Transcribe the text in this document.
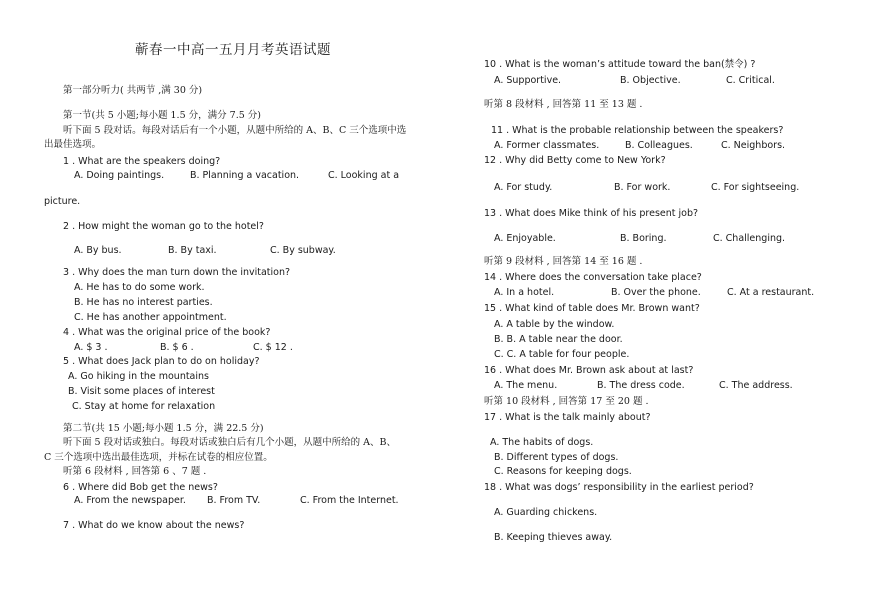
蕲春一中高一五月月考英语试题
第一部分听力( 共两节 ,满 30 分)
第一节(共 5 小题;每小题 1.5 分，满分 7.5 分)
听下面 5 段对话。每段对话后有一个小题，从题中所给的 A、B、C 三个选项中选
出最佳选项。
1 . What are the speakers doing?
A. Doing paintings.	B. Planning a vacation.	C. Looking at a
picture.
2 . How might the woman go to the hotel?
A. By bus.	B. By taxi.	C. By subway.
3 . Why does the man turn down the invitation?
A. He has to do some work.
B. He has no interest parties.
C. He has another appointment.
4 . What was the original price of the book?
A. $ 3 .	B. $ 6 .	C. $ 12 .
5 . What does Jack plan to do on holiday?
A. Go hiking in the mountains
B. Visit some places of interest
C. Stay at home for relaxation
第二节(共 15 小题;每小题 1.5 分，满 22.5 分)
听下面 5 段对话或独白。每段对话或独白后有几个小题，从题中所给的 A、B、
C 三个选项中选出最佳选项，并标在试卷的相应位置。
听第 6 段材料 , 回答第 6 、7 题 .
6 . Where did Bob get the news?
A. From the newspaper. B. From TV.	C. From the Internet.
7 . What do we know about the news?
10 . What is the woman’s attitude toward the ban(禁令) ?
A. Supportive.	B. Objective.	C. Critical.
听第 8 段材料 , 回答第 11 至 13 题 .
11 . What is the probable relationship between the speakers?
A. Former classmates.	B. Colleagues.	C. Neighbors.
12 . Why did Betty come to New York?
A. For study.	B. For work.	C. For sightseeing.
13 . What does Mike think of his present job?
A. Enjoyable.	B. Boring.	C. Challenging.
听第 9 段材料 , 回答第 14 至 16 题 .
14 . Where does the conversation take place?
A. In a hotel.	B. Over the phone.	C. At a restaurant.
15 . What kind of table does Mr. Brown want?
A. A table by the window.
B. B. A table near the door.
C. C. A table for four people.
16 . What does Mr. Brown ask about at last?
A. The menu.	B. The dress code.	C. The address.
听第 10 段材料 , 回答第 17 至 20 题 .
17 . What is the talk mainly about?
A. The habits of dogs.
B. Different types of dogs.
C. Reasons for keeping dogs.
18 . What was dogs’ responsibility in the earliest period?
A. Guarding chickens.
B. Keeping thieves away.
